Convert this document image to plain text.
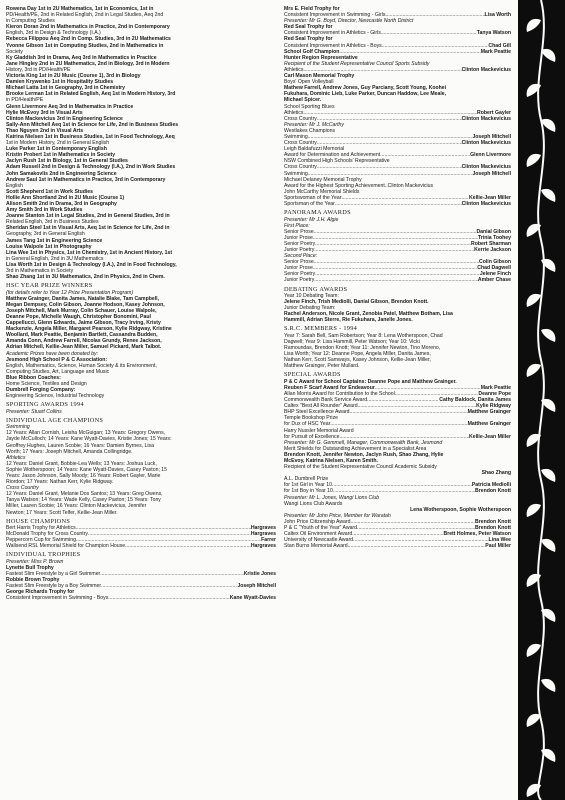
Rowena Day 1st in 2U Mathematics, 1st in Economics, 1st in
PD/Health/PE, 2nd in Related English, 2nd in Legal Studies, Aeq 2nd
in Computing Studies
Kieron Doran 2nd in Mathematics in Practice, 2nd in Contemporary
English, 3rd in Design & Technology (I.A.)
Rebecca Filippou Aeq 2nd in Comp. Studies, 3rd in 2U Mathematics
Yvonne Gibson 1st in Computing Studies, 2nd in Mathematics in
Society
Ky Gladdish 3rd in Drama, Aeq 3rd in Mathematics in Practice
Jane Hingley 2nd in 2U Mathematics, 2nd in Biology, 3rd in Modern
History, 3rd in PD/Health/PE
Victoria King 1st in 2U Music (Course 1), 3rd in Biology
Damien Krywenko 1st in Hospitality Studies
Michael Latta 1st in Geography, 3rd in Chemistry
Brooke Lerman 1st in Related English, Aeq 1st in Modern History, 3rd
in PD/Health/PE
Glenn Livermore Aeq 3rd in Mathematics in Practice
Hylie McEvoy 3rd in Visual Arts
Clinton Mackevicius 3rd in Engineering Science
Sally-Ann Mitchell Aeq 1st in Science for Life, 2nd in Business Studies
Thao Nguyen 2nd in Visual Arts
Katrina Nielsen 1st in Business Studies, 1st in Food Technology, Aeq
1st in Modern History, 2nd in General English
Luke Parker 1st in Contemporary English
Kristin Probert 1st in Mathematics in Society
Jaclyn Rush 1st in Biology, 1st in General Studies
Adam Russell 2nd in Design & Technology (I.A.), 2nd in Work Studies
John Samakovlis 2nd in Engineering Science
Andrew Saul 1st in Mathematics in Practice, 3rd in Contemporary
English
Scott Shepherd 1st in Work Studies
Hollie Ann Shortland 2nd in 2U Music (Course 1)
Alison Smith 2nd in Drama, 3rd in Geography
Amy Smith 3rd in Work Studies
Joanne Stanton 1st in Legal Studies, 2nd in General Studies, 3rd in
Related English, 3rd in Business Studies
Sheridan Steel 1st in Visual Arts, Aeq 1st in Science for Life, 2nd in
Geography, 3rd in General English
James Tang 1st in Engineering Science
Louise Walpole 1st in Photography
Lina Wee 1st in Physics, 1st in Chemistry, 1st in Ancient History, 1st
in General English, 2nd in 3U Mathematics
Lisa Worth 1st in Design & Technology (I.A.), 2nd in Food Technology,
3rd in Mathematics in Society
Shao Zhang 1st in 3U Mathematics, 2nd in Physics, 2nd in Chem.
HSC YEAR PRIZE WINNERS
(for details refer to Year 12 Prize Presentation Program)
Matthew Grainger, Danita James, Natalie Blake, Tam Campbell,
Megan Dempsey, Colin Gibson, Joanne Hodson, Kasey Johnson,
Joseph Mitchell, Mark Murray, Colin Schauer, Louise Walpole,
Deanne Pope, Michelle Waugh, Christopher Bonomini, Paul
Cappellucci, Glenn Edwards, Jaime Gibson, Tracy Irving, Kristy
Mackenzie, Angela Miller, Margaret Pearson, Kylie Ridgway, Kristine
Woollard, Mark Peattie, Benjamin Bartlett, Cassandra Budden,
Amanda Conn, Andrew Farrell, Nicolas Grundy, Renee Jackson,
Adrian Mitchell, Kellie-Jean Miller, Samuel Pickard, Mark Talbot.
Academic Prizes have been donated by:
Jesmond High School P & C Association:
English, Mathematics, Science, Human Society & its Environment,
Computing Studies, Art, Language and Music
Blue Ribbon Coaches:
Home Science, Textiles and Design
Dumbrell Forging Company:
Engineering Science, Industrial Technology
SPORTING AWARDS 1994
Presenter: Stuart Collins
INDIVIDUAL AGE CHAMPIONS
Swimming
12 Years: Allan Cornish, Leisha McGuigan; 13 Years: Gregory Owens,
Jayde McCulloch; 14 Years: Kane Wyatt-Davies, Kristie Jones; 15 Years:
Geoffrey Hughes, Lauren Scobie; 16 Years: Damien Byrnes, Lisa
Worth; 17 Years: Joseph Mitchell, Amanda Collingridge.
Athletics
12 Years: Daniel Grant, Bobbie-Lea Wells; 13 Years: Joshua Luck,
Sophie Wotherspoon; 14 Years: Kane Wyatt-Davies, Casey Paxton; 15
Years: Jason Johnson, Sally Moody; 16 Years: Robert Gayler, Marie
Riordon; 17 Years: Nathan Kerr, Kylie Ridgway.
Cross Country
12 Years: Daniel Grant, Melanie Dos Santos; 13 Years: Greg Owens,
Tanya Watson; 14 Years: Wade Kelly, Casey Paxton; 15 Years: Tony
Miller, Lauren Scobie; 16 Years: Clinton Mackevicius, Jennifer
Newton; 17 Years: Scott Telfer, Kellie-Jean Miller.
HOUSE CHAMPIONS
Bert Harris Trophy for Athletics .....	Hargraves
McDonald Trophy for Cross Country .....	Hargraves
Peppercorn Cup for Swimming .....	Farrer
Wallsend RSL Memorial Shield for Champion House .....	Hargraves
INDIVIDUAL TROPHIES
Presenter: Miss P. Brown
Lynette Bull Trophy
Fastest Slim Freestyle by a Girl Swimmer .....	Kristie Jones
Robbie Brown Trophy
Fastest Slim Freestyle by a Boy Swimmer .....	Joseph Mitchell
George Richards Trophy for
Consistent Improvement in Swimming - Boys .....	Kane Wyatt-Davies
Mrs E. Field Trophy for
Consistent Improvement in Swimming - Girls .....	Lisa Worth
Presenter: Mr G. Boyd, Director, Newcastle North District
Red Seal Trophy for
Consistent Improvement in Athletics - Girls .....	Tanya Watson
Red Seal Trophy for
Consistent Improvement in Athletics - Boys .....	Chad Gill
School Golf Champion .....	Mark Peattie
Hunter Region Representative
Recipient of the Student Representative Council Sports Subsidy
Athletics .....	Clinton Mackevicius
Carl Mason Memorial Trophy
Boys' Open Volleyball
Mathew Farrell, Andrew Jones, Guy Parciany, Scott Young, Koohei
Fukuhara, Dominic Lieb, Luke Parker, Duncan Haddow, Lee Meale,
Michael Spicer.
School Sporting Blues
Athletics .....	Robert Gayler
Cross Country .....	Clinton Mackevicius
Presenter: Mr J. McCarthy
Westlakes Champions
Swimming .....	Joseph Mitchell
Cross Country .....	Clinton Mackevicius
Leigh Baldafuzzi Memorial
Award for Determination and Achievement .....	Glenn Livermore
NSW Combined High Schools' Representative
Cross Country .....	Clinton Mackevicius
Swimming .....	Joseph Mitchell
Michael Delaney Memorial Trophy
Award for the Highest Sporting Achievement..Clinton Mackevicius
John McCarthy Memorial Shields
Sportswoman of the Year .....	Kellie-Jean Miller
Sportsman of the Year .....	Clinton Mackevicius
PANORAMA AWARDS
Presenter: Mr J.H. Algie
First Place:
Senior Prose .....	Danial Gibson
Junior Prose .....	Trinia Toohey
Senior Poetry .....	Robert Sharman
Junior Poetry .....	Kerrie Jackson
Second Place:
Senior Prose .....	Colin Gibson
Junior Prose .....	Chad Dagwell
Senior Poetry .....	Jelene Finch
Junior Poetry .....	Amber Chase
DEBATING AWARDS
Year 10 Debating Team:
Jelene Finch, Trish Mediolli, Danial Gibson, Brendon Knott.
Junior Debating Team:
Rachel Anderson, Nicole Grant, Zenobia Patel, Matthew Botham, Lisa
Hammill, Adrian Sterre, Rie Fukuhara, Janelle Jones.
S.R.C. MEMBERS - 1994
Year 7: Sarah Bell, Sam Robertson; Year 8: Lena Wotherspoon, Chad
Dagwell; Year 9: Lisa Hammill, Peter Watson; Year 10: Vicki
Ramoundas, Brendon Knott; Year 11: Jennifer Newton, Tino Moreno,
Lisa Worth; Year 12: Deanne Pope, Angela Miller, Danita James,
Nathan Kerr, Scott Samways, Kasey Johnson, Kellie-Jean Miller,
Matthew Grainger, Peter Mullard.
SPECIAL AWARDS
P & C Award for School Captains: Deanne Pope and Matthew Grainger.
Reuben F Scarf Award for Endeavour .....	Mark Peattie
Allan Morris Award for Contribution to the School .....	Deanne Pope
Commonwealth Bank Service Award .....	Cathy Baldock, Danita James
Caltex "Best All Rounder" Award .....	Kylie Ridgway
BHP Steel Excellence Award .....	Matthew Grainger
Temple Bookshop Prize
for Dux of HSC Year .....	Matthew Grainger
Harry Nussler Memorial Award
for Pursuit of Excellence .....	Kellie-Jean Miller
Presenter: Mr G. Gemmell, Manager, Commonwealth Bank, Jesmond
Merit Shields for Outstanding Achievement in a Specialist Area
Brendon Knott, Jennifer Newton, Jaclyn Rush, Shao Zhang, Hylie
McEvoy, Katrina Nielsen, Karen Smith.
Recipient of the Student Representative Council Academic Subsidy
Shao Zhang
A.L. Dumbrell Prize
for 1st Girl in Year 10 .....	Patricia Mediolli
for 1st Boy in Year 10 .....	Brendon Knott
Presenter: Mr L. Jones, Wangi Lions Club
Wangi Lions Club Awards
Lena Wotherspoon, Sophie Wotherspoon
Presenter: Mr John Price, Member for Waratah
John Price Citizenship Award .....	Brendon Knott
P & C "Youth of the Year" Award .....	Brendon Knott
Caltex Oil Environment Award .....	Brett Holmes, Peter Watson
University of Newcastle Award .....	Lina Wee
Stan Burns Memorial Award .....	Paul Miller
